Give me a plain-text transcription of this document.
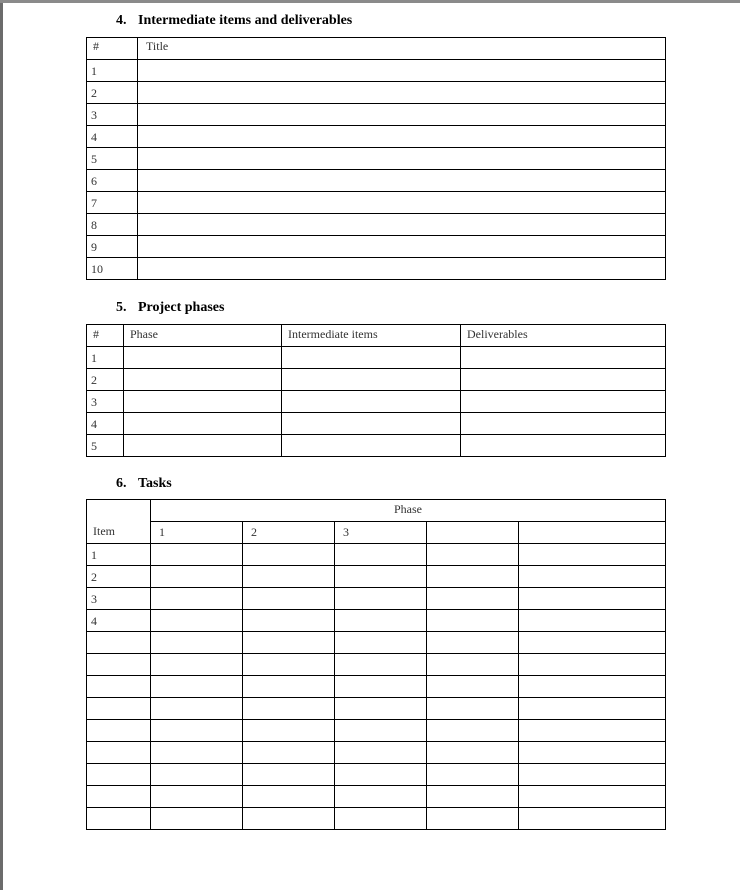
4. Intermediate items and deliverables
#	Title
1	
2	
3	
4	
5	
6	
7	
8	
9	
10	
5. Project phases
#	Phase	Intermediate items	Deliverables
1			
2			
3			
4			
5			
6. Tasks
Item	Phase				
	1	2	3		
1					
2					
3					
4					
